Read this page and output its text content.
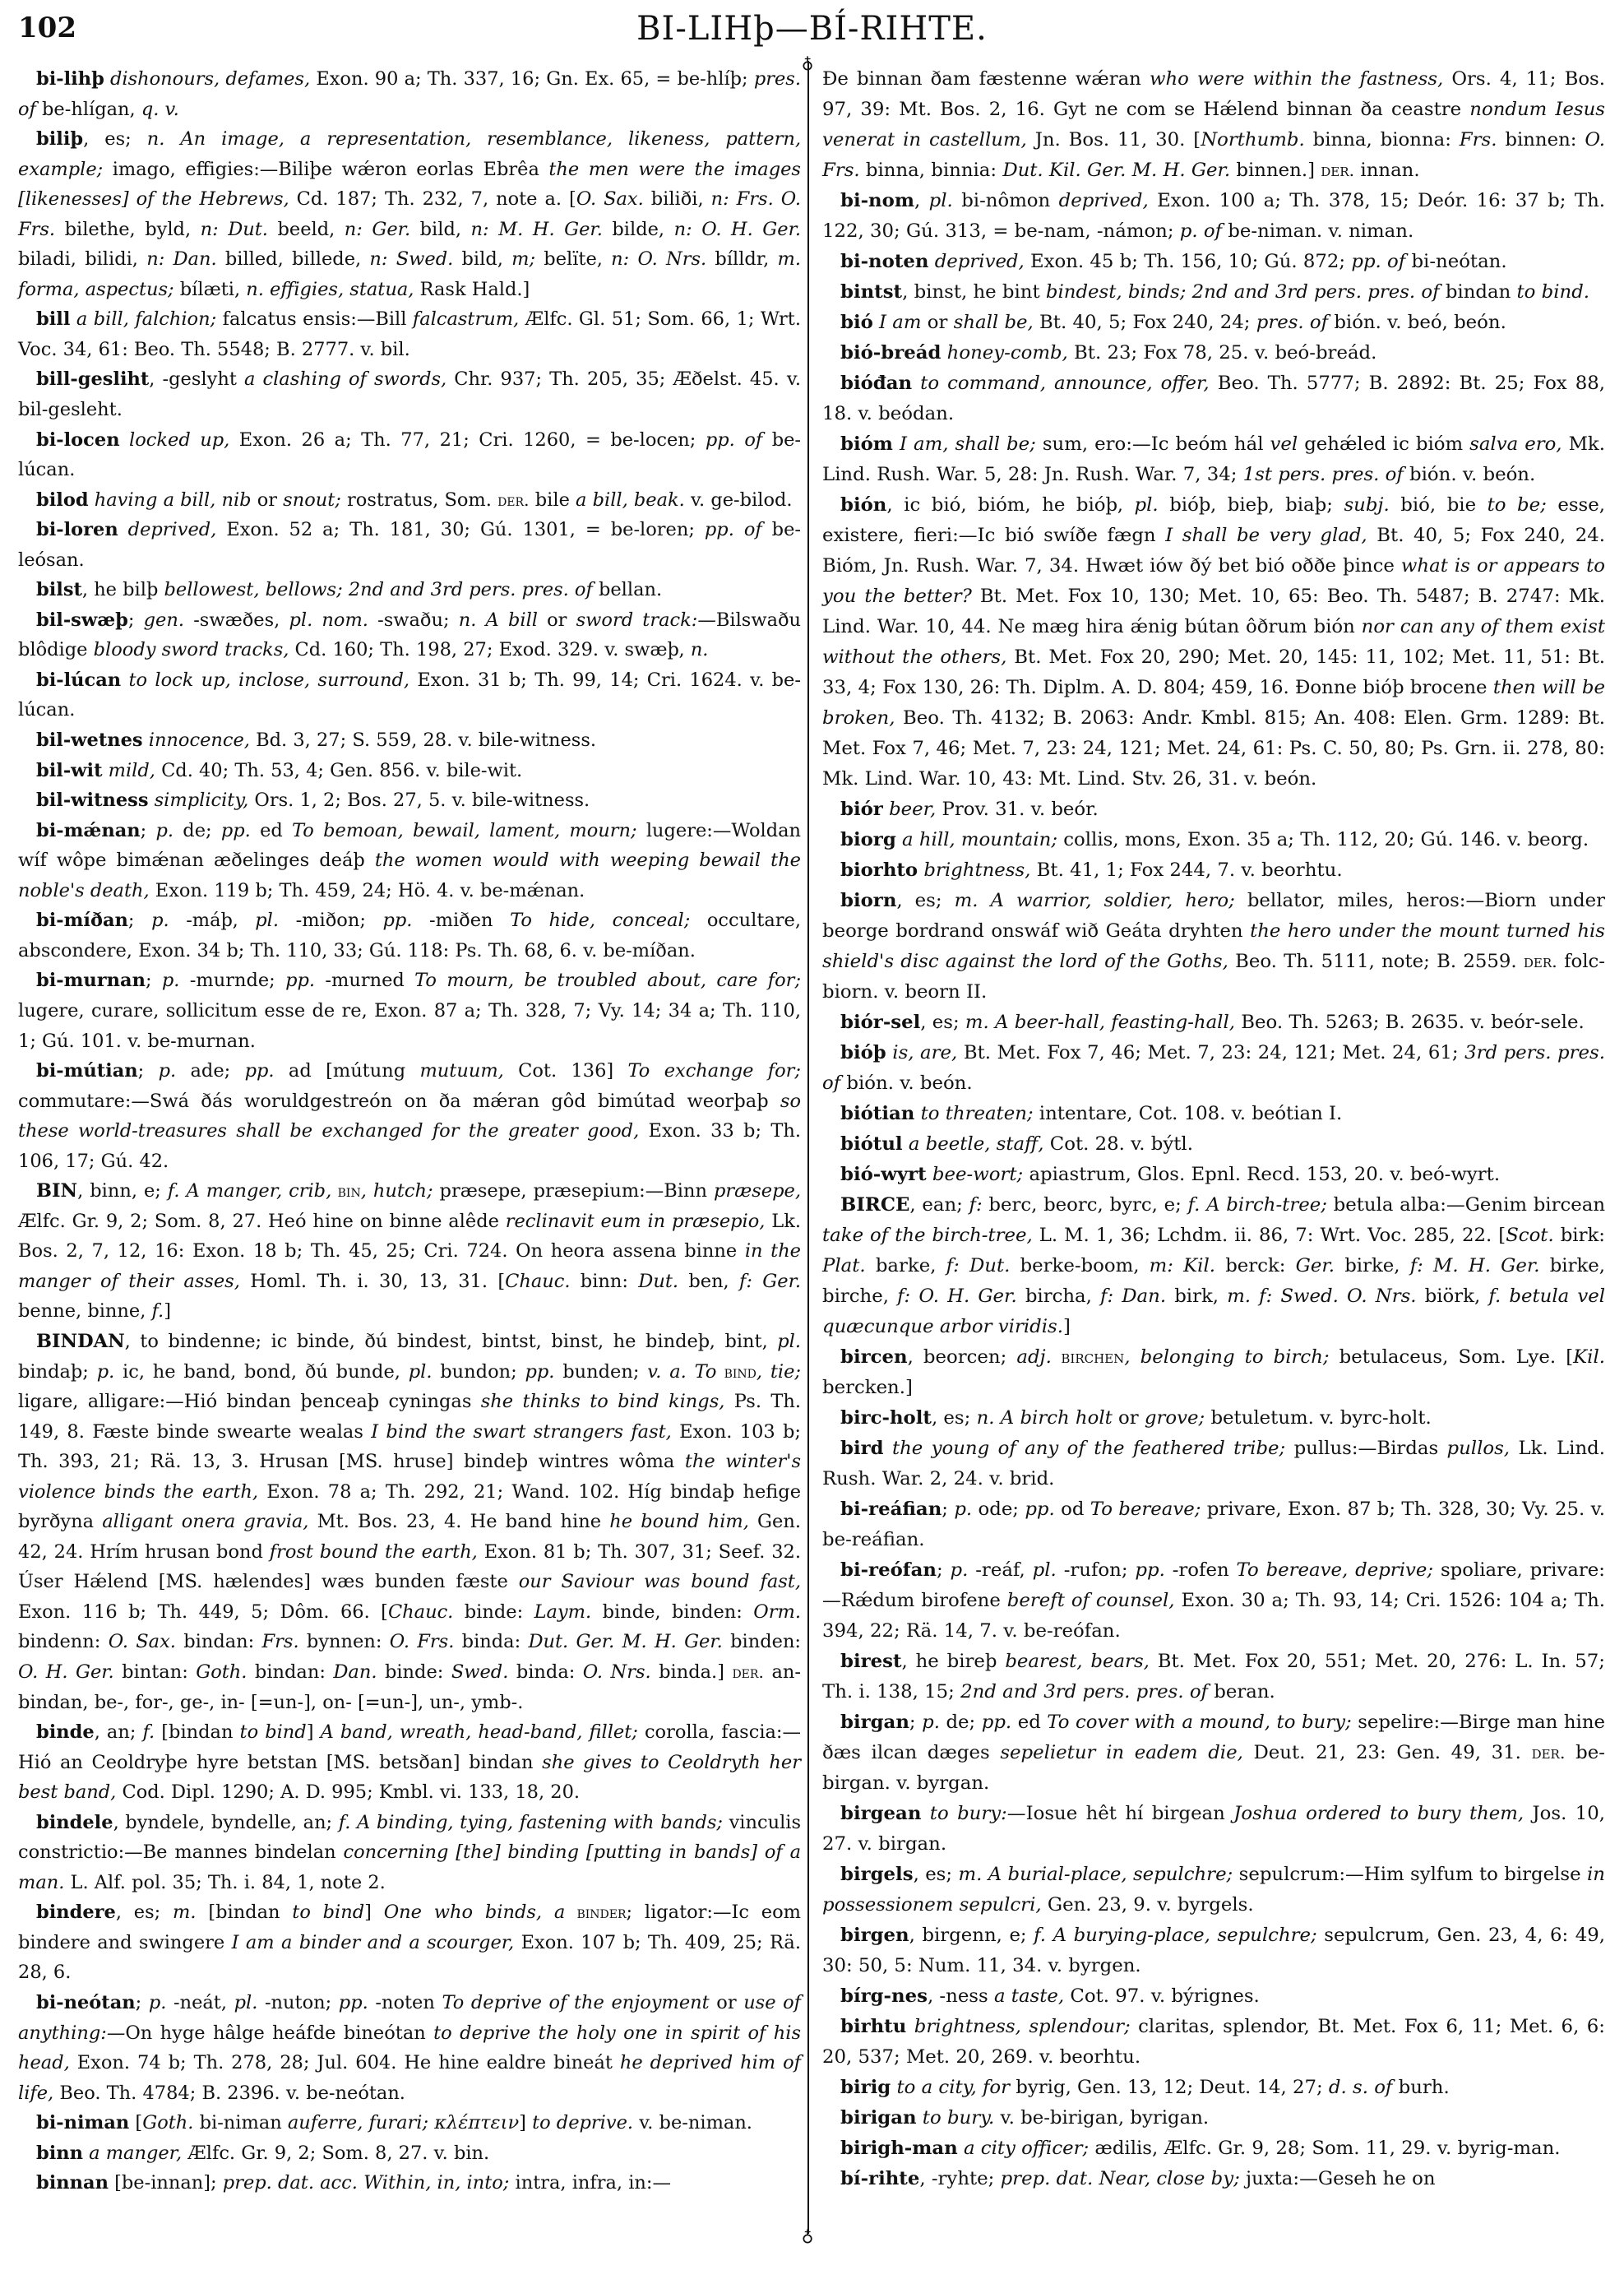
102	BI-LIHþ—BÍ-RIHTE.
♁
♁

bi-lihþ dishonours, defames, Exon. 90 a; Th. 337, 16; Gn. Ex. 65, = be-hlíþ; pres. of be-hlígan, q. v.

biliþ, es; n. An image, a representation, resemblance, likeness, pattern, example; imago, effigies:—Biliþe wǽron eorlas Ebrêa the men were the images [likenesses] of the Hebrews, Cd. 187; Th. 232, 7, note a. [O. Sax. biliði, n: Frs. O. Frs. bilethe, byld, n: Dut. beeld, n: Ger. bild, n: M. H. Ger. bilde, n: O. H. Ger. biladi, bilidi, n: Dan. billed, billede, n: Swed. bild, m; belïte, n: O. Nrs. bílldr, m. forma, aspectus; bílæti, n. effigies, statua, Rask Hald.]

bill a bill, falchion; falcatus ensis:—Bill falcastrum, Ælfc. Gl. 51; Som. 66, 1; Wrt. Voc. 34, 61: Beo. Th. 5548; B. 2777. v. bil.

bill-gesliht, -geslyht a clashing of swords, Chr. 937; Th. 205, 35; Æðelst. 45. v. bil-gesleht.

bi-locen locked up, Exon. 26 a; Th. 77, 21; Cri. 1260, = be-locen; pp. of be-lúcan.

bilod having a bill, nib or snout; rostratus, Som. der. bile a bill, beak. v. ge-bilod.

bi-loren deprived, Exon. 52 a; Th. 181, 30; Gú. 1301, = be-loren; pp. of be-leósan.

bilst, he bilþ bellowest, bellows; 2nd and 3rd pers. pres. of bellan.

bil-swæþ; gen. -swæðes, pl. nom. -swaðu; n. A bill or sword track:—Bilswaðu blôdige bloody sword tracks, Cd. 160; Th. 198, 27; Exod. 329. v. swæþ, n.

bi-lúcan to lock up, inclose, surround, Exon. 31 b; Th. 99, 14; Cri. 1624. v. be-lúcan.

bil-wetnes innocence, Bd. 3, 27; S. 559, 28. v. bile-witness.

bil-wit mild, Cd. 40; Th. 53, 4; Gen. 856. v. bile-wit.

bil-witness simplicity, Ors. 1, 2; Bos. 27, 5. v. bile-witness.

bi-mǽnan; p. de; pp. ed To bemoan, bewail, lament, mourn; lugere:—Woldan wíf wôpe bimǽnan æðelinges deáþ the women would with weeping bewail the noble's death, Exon. 119 b; Th. 459, 24; Hö. 4. v. be-mǽnan.

bi-míðan; p. -máþ, pl. -miðon; pp. -miðen To hide, conceal; occultare, abscondere, Exon. 34 b; Th. 110, 33; Gú. 118: Ps. Th. 68, 6. v. be-míðan.

bi-murnan; p. -murnde; pp. -murned To mourn, be troubled about, care for; lugere, curare, sollicitum esse de re, Exon. 87 a; Th. 328, 7; Vy. 14; 34 a; Th. 110, 1; Gú. 101. v. be-murnan.

bi-mútian; p. ade; pp. ad [mútung mutuum, Cot. 136] To exchange for; commutare:—Swá ðás woruldgestreón on ða mǽran gôd bimútad weorþaþ so these world-treasures shall be exchanged for the greater good, Exon. 33 b; Th. 106, 17; Gú. 42.

BIN, binn, e; f. A manger, crib, bin, hutch; præsepe, præsepium:—Binn præsepe, Ælfc. Gr. 9, 2; Som. 8, 27. Heó hine on binne alêde reclinavit eum in præsepio, Lk. Bos. 2, 7, 12, 16: Exon. 18 b; Th. 45, 25; Cri. 724. On heora assena binne in the manger of their asses, Homl. Th. i. 30, 13, 31. [Chauc. binn: Dut. ben, f: Ger. benne, binne, f.]

BINDAN, to bindenne; ic binde, ðú bindest, bintst, binst, he bindeþ, bint, pl. bindaþ; p. ic, he band, bond, ðú bunde, pl. bundon; pp. bunden; v. a. To bind, tie; ligare, alligare:—Hió bindan þenceaþ cyningas she thinks to bind kings, Ps. Th. 149, 8. Fæste binde swearte wealas I bind the swart strangers fast, Exon. 103 b; Th. 393, 21; Rä. 13, 3. Hrusan [MS. hruse] bindeþ wintres wôma the winter's violence binds the earth, Exon. 78 a; Th. 292, 21; Wand. 102. Híg bindaþ hefige byrðyna alligant onera gravia, Mt. Bos. 23, 4. He band hine he bound him, Gen. 42, 24. Hrím hrusan bond frost bound the earth, Exon. 81 b; Th. 307, 31; Seef. 32. Úser Hǽlend [MS. hælendes] wæs bunden fæste our Saviour was bound fast, Exon. 116 b; Th. 449, 5; Dôm. 66. [Chauc. binde: Laym. binde, binden: Orm. bindenn: O. Sax. bindan: Frs. bynnen: O. Frs. binda: Dut. Ger. M. H. Ger. binden: O. H. Ger. bintan: Goth. bindan: Dan. binde: Swed. binda: O. Nrs. binda.] der. an-bindan, be-, for-, ge-, in- [=un-], on- [=un-], un-, ymb-.

binde, an; f. [bindan to bind] A band, wreath, head-band, fillet; corolla, fascia:—Hió an Ceoldryþe hyre betstan [MS. betsðan] bindan she gives to Ceoldryth her best band, Cod. Dipl. 1290; A. D. 995; Kmbl. vi. 133, 18, 20.

bindele, byndele, byndelle, an; f. A binding, tying, fastening with bands; vinculis constrictio:—Be mannes bindelan concerning [the] binding [putting in bands] of a man. L. Alf. pol. 35; Th. i. 84, 1, note 2.

bindere, es; m. [bindan to bind] One who binds, a binder; ligator:—Ic eom bindere and swingere I am a binder and a scourger, Exon. 107 b; Th. 409, 25; Rä. 28, 6.

bi-neótan; p. -neát, pl. -nuton; pp. -noten To deprive of the enjoyment or use of anything:—On hyge hâlge heáfde bineótan to deprive the holy one in spirit of his head, Exon. 74 b; Th. 278, 28; Jul. 604. He hine ealdre bineát he deprived him of life, Beo. Th. 4784; B. 2396. v. be-neótan.

bi-niman [Goth. bi-niman auferre, furari; κλέπτειν] to deprive. v. be-niman.

binn a manger, Ælfc. Gr. 9, 2; Som. 8, 27. v. bin.

binnan [be-innan]; prep. dat. acc. Within, in, into; intra, infra, in:—

Ðe binnan ðam fæstenne wǽran who were within the fastness, Ors. 4, 11; Bos. 97, 39: Mt. Bos. 2, 16. Gyt ne com se Hǽlend binnan ða ceastre nondum Iesus venerat in castellum, Jn. Bos. 11, 30. [Northumb. binna, bionna: Frs. binnen: O. Frs. binna, binnia: Dut. Kil. Ger. M. H. Ger. binnen.] der. innan.

bi-nom, pl. bi-nômon deprived, Exon. 100 a; Th. 378, 15; Deór. 16: 37 b; Th. 122, 30; Gú. 313, = be-nam, -námon; p. of be-niman. v. niman.

bi-noten deprived, Exon. 45 b; Th. 156, 10; Gú. 872; pp. of bi-neótan.

bintst, binst, he bint bindest, binds; 2nd and 3rd pers. pres. of bindan to bind.

bió I am or shall be, Bt. 40, 5; Fox 240, 24; pres. of bión. v. beó, beón.

bió-breád honey-comb, Bt. 23; Fox 78, 25. v. beó-breád.

bióđan to command, announce, offer, Beo. Th. 5777; B. 2892: Bt. 25; Fox 88, 18. v. beódan.

bióm I am, shall be; sum, ero:—Ic beóm hál vel gehǽled ic bióm salva ero, Mk. Lind. Rush. War. 5, 28: Jn. Rush. War. 7, 34; 1st pers. pres. of bión. v. beón.

bión, ic bió, bióm, he bióþ, pl. bióþ, bieþ, biaþ; subj. bió, bie to be; esse, existere, fieri:—Ic bió swíðe fægn I shall be very glad, Bt. 40, 5; Fox 240, 24. Bióm, Jn. Rush. War. 7, 34. Hwæt iów ðý bet bió oððe þince what is or appears to you the better? Bt. Met. Fox 10, 130; Met. 10, 65: Beo. Th. 5487; B. 2747: Mk. Lind. War. 10, 44. Ne mæg hira ǽnig bútan ôðrum bión nor can any of them exist without the others, Bt. Met. Fox 20, 290; Met. 20, 145: 11, 102; Met. 11, 51: Bt. 33, 4; Fox 130, 26: Th. Diplm. A. D. 804; 459, 16. Ðonne bióþ brocene then will be broken, Beo. Th. 4132; B. 2063: Andr. Kmbl. 815; An. 408: Elen. Grm. 1289: Bt. Met. Fox 7, 46; Met. 7, 23: 24, 121; Met. 24, 61: Ps. C. 50, 80; Ps. Grn. ii. 278, 80: Mk. Lind. War. 10, 43: Mt. Lind. Stv. 26, 31. v. beón.

biór beer, Prov. 31. v. beór.

biorg a hill, mountain; collis, mons, Exon. 35 a; Th. 112, 20; Gú. 146. v. beorg.

biorhto brightness, Bt. 41, 1; Fox 244, 7. v. beorhtu.

biorn, es; m. A warrior, soldier, hero; bellator, miles, heros:—Biorn under beorge bordrand onswáf wið Geáta dryhten the hero under the mount turned his shield's disc against the lord of the Goths, Beo. Th. 5111, note; B. 2559. der. folc-biorn. v. beorn II.

biór-sel, es; m. A beer-hall, feasting-hall, Beo. Th. 5263; B. 2635. v. beór-sele.

bióþ is, are, Bt. Met. Fox 7, 46; Met. 7, 23: 24, 121; Met. 24, 61; 3rd pers. pres. of bión. v. beón.

biótian to threaten; intentare, Cot. 108. v. beótian I.

biótul a beetle, staff, Cot. 28. v. býtl.

bió-wyrt bee-wort; apiastrum, Glos. Epnl. Recd. 153, 20. v. beó-wyrt.

BIRCE, ean; f: berc, beorc, byrc, e; f. A birch-tree; betula alba:—Genim bircean take of the birch-tree, L. M. 1, 36; Lchdm. ii. 86, 7: Wrt. Voc. 285, 22. [Scot. birk: Plat. barke, f: Dut. berke-boom, m: Kil. berck: Ger. birke, f: M. H. Ger. birke, birche, f: O. H. Ger. bircha, f: Dan. birk, m. f: Swed. O. Nrs. biörk, f. betula vel quæcunque arbor viridis.]

bircen, beorcen; adj. birchen, belonging to birch; betulaceus, Som. Lye. [Kil. bercken.]

birc-holt, es; n. A birch holt or grove; betuletum. v. byrc-holt.

bird the young of any of the feathered tribe; pullus:—Birdas pullos, Lk. Lind. Rush. War. 2, 24. v. brid.

bi-reáfian; p. ode; pp. od To bereave; privare, Exon. 87 b; Th. 328, 30; Vy. 25. v. be-reáfian.

bi-reófan; p. -reáf, pl. -rufon; pp. -rofen To bereave, deprive; spoliare, privare:—Rǽdum birofene bereft of counsel, Exon. 30 a; Th. 93, 14; Cri. 1526: 104 a; Th. 394, 22; Rä. 14, 7. v. be-reófan.

birest, he bireþ bearest, bears, Bt. Met. Fox 20, 551; Met. 20, 276: L. In. 57; Th. i. 138, 15; 2nd and 3rd pers. pres. of beran.

birgan; p. de; pp. ed To cover with a mound, to bury; sepelire:—Birge man hine ðæs ilcan dæges sepelietur in eadem die, Deut. 21, 23: Gen. 49, 31. der. be-birgan. v. byrgan.

birgean to bury:—Iosue hêt hí birgean Joshua ordered to bury them, Jos. 10, 27. v. birgan.

birgels, es; m. A burial-place, sepulchre; sepulcrum:—Him sylfum to birgelse in possessionem sepulcri, Gen. 23, 9. v. byrgels.

birgen, birgenn, e; f. A burying-place, sepulchre; sepulcrum, Gen. 23, 4, 6: 49, 30: 50, 5: Num. 11, 34. v. byrgen.

bírg-nes, -ness a taste, Cot. 97. v. býrignes.

birhtu brightness, splendour; claritas, splendor, Bt. Met. Fox 6, 11; Met. 6, 6: 20, 537; Met. 20, 269. v. beorhtu.

birig to a city, for byrig, Gen. 13, 12; Deut. 14, 27; d. s. of burh.

birigan to bury. v. be-birigan, byrigan.

birigh-man a city officer; ædilis, Ælfc. Gr. 9, 28; Som. 11, 29. v. byrig-man.

bí-rihte, -ryhte; prep. dat. Near, close by; juxta:—Geseh he on
